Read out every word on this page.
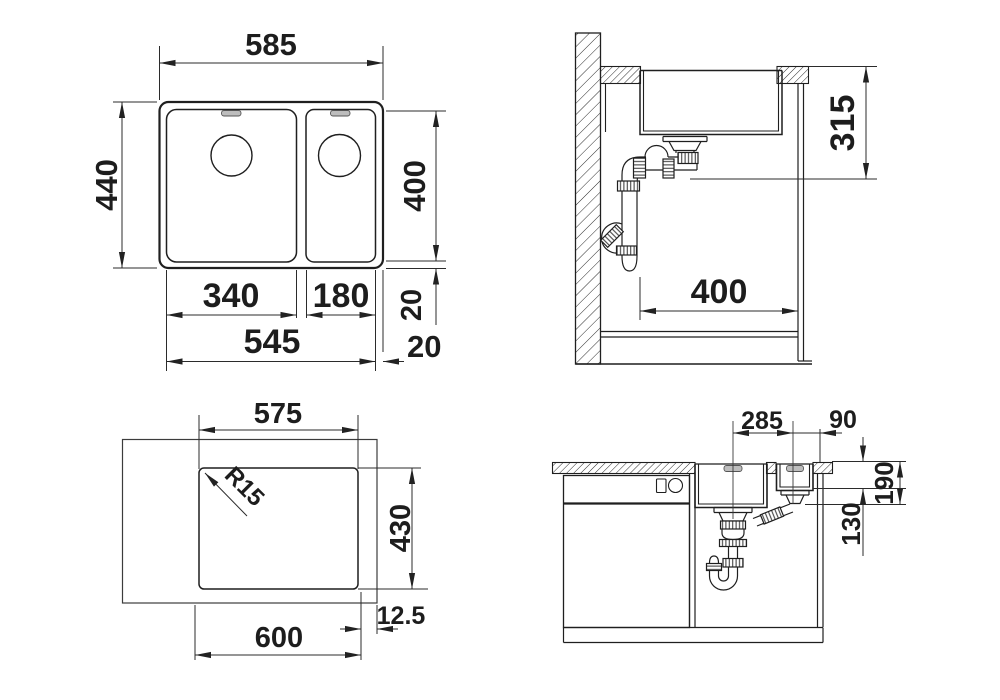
585
440	400
20
340 180
545	20
315
400
575
R15
430
600
12.5
285 90
190
130
